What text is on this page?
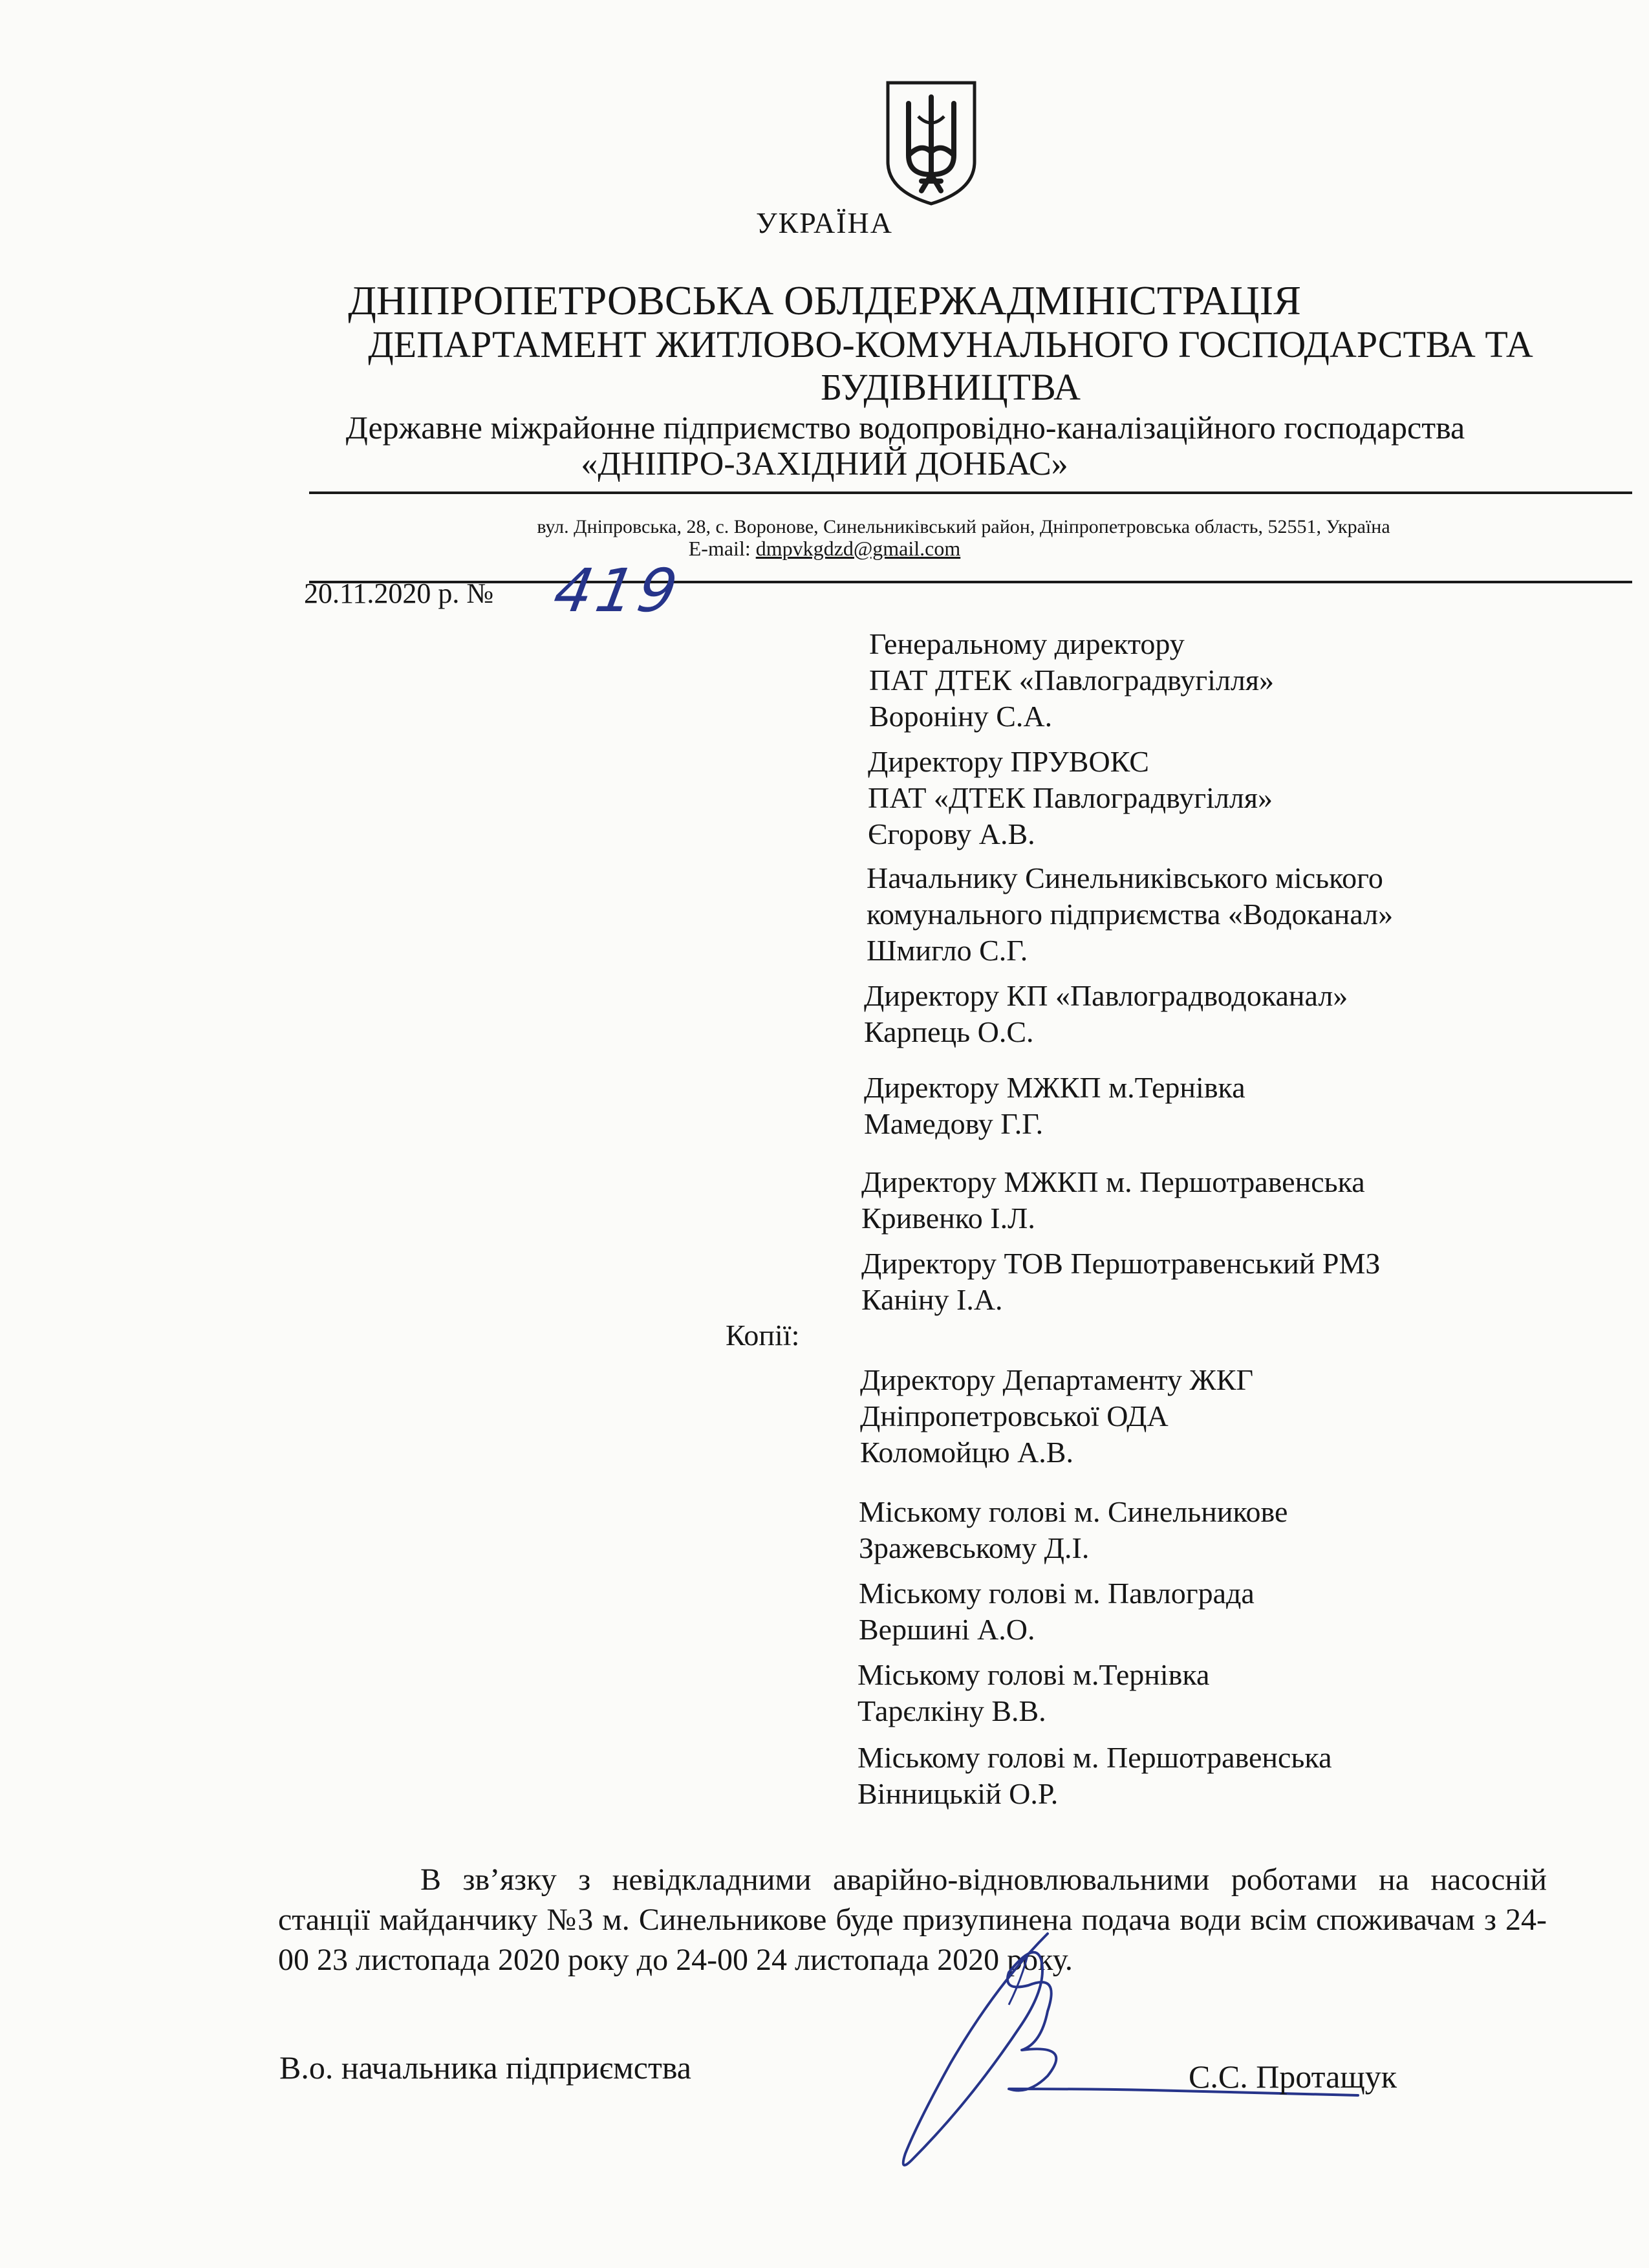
УКРАЇНА
ДНІПРОПЕТРОВСЬКА ОБЛДЕРЖАДМІНІСТРАЦІЯ
ДЕПАРТАМЕНТ ЖИТЛОВО-КОМУНАЛЬНОГО ГОСПОДАРСТВА ТА БУДІВНИЦТВА
Державне міжрайонне підприємство водопровідно-каналізаційного господарства
«ДНІПРО-ЗАХІДНИЙ ДОНБАС»
вул. Дніпровська, 28, с. Воронове, Синельниківський район, Дніпропетровська область, 52551, Україна
E-mail: dmpvkgdzd@gmail.com
20.11.2020 р. № 419
Генеральному директору
ПАТ ДТЕК «Павлоградвугілля»
Вороніну С.А.
Директору ПРУВОКС
ПАТ «ДТЕК Павлоградвугілля»
Єгорову А.В.
Начальнику Синельниківського міського
комунального підприємства «Водоканал»
Шмигло С.Г.
Директору КП «Павлоградводоканал»
Карпець О.С.
Директору МЖКП м.Тернівка
Мамедову Г.Г.
Директору МЖКП м. Першотравенська
Кривенко І.Л.
Директору ТОВ Першотравенський РМЗ
Каніну І.А.
Копії:
Директору Департаменту ЖКГ
Дніпропетровської ОДА
Коломойцю А.В.
Міському голові м. Синельникове
Зражевському Д.І.
Міському голові м. Павлограда
Вершині А.О.
Міському голові м.Тернівка
Тарєлкіну В.В.
Міському голові м. Першотравенська
Вінницькій О.Р.

В зв’язку з невідкладними аварійно-відновлювальними роботами на насосній станції майданчику №3 м. Синельникове буде призупинена подача води всім споживачам з 24-00 23 листопада 2020 року до 24-00 24 листопада 2020 року.

В.о. начальника підприємства	С.С. Протащук
